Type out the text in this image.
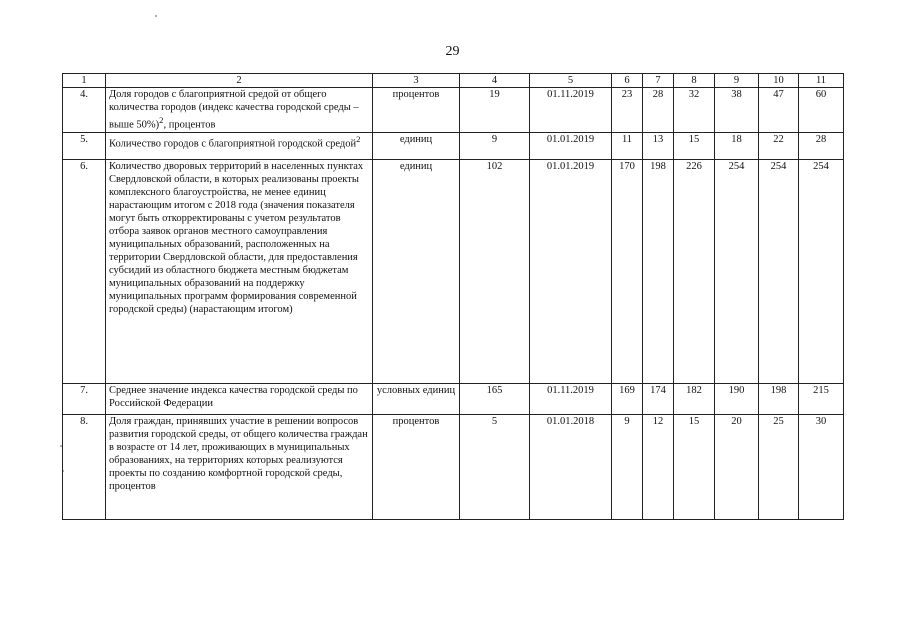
29
1	2	3	4	5	6	7	8	9	10	11
4.	Доля городов с благоприятной средой от общего количества городов (индекс качества городской среды – выше 50%)$^2$, процентов	процентов	19	01.11.2019	23	28	32	38	47	60
5.	Количество городов с благоприятной городской средой$^2$	единиц	9	01.01.2019	11	13	15	18	22	28
6.	Количество дворовых территорий в населенных пунктах Свердловской области, в которых реализованы проекты комплексного благоустройства, не менее единиц нарастающим итогом с 2018 года (значения показателя могут быть откорректированы с учетом результатов отбора заявок органов местного самоуправления муниципальных образований, расположенных на территории Свердловской области, для предоставления субсидий из областного бюджета местным бюджетам муниципальных образований на поддержку муниципальных программ формирования современной городской среды) (нарастающим итогом)	единиц	102	01.01.2019	170	198	226	254	254	254
7.	Среднее значение индекса качества городской среды по Российской Федерации	условных единиц	165	01.11.2019	169	174	182	190	198	215
8.	Доля граждан, принявших участие в решении вопросов развития городской среды, от общего количества граждан в возрасте от 14 лет, проживающих в муниципальных образованиях, на территориях которых реализуются проекты по созданию комфортной городской среды, процентов	процентов	5	01.01.2018	9	12	15	20	25	30
